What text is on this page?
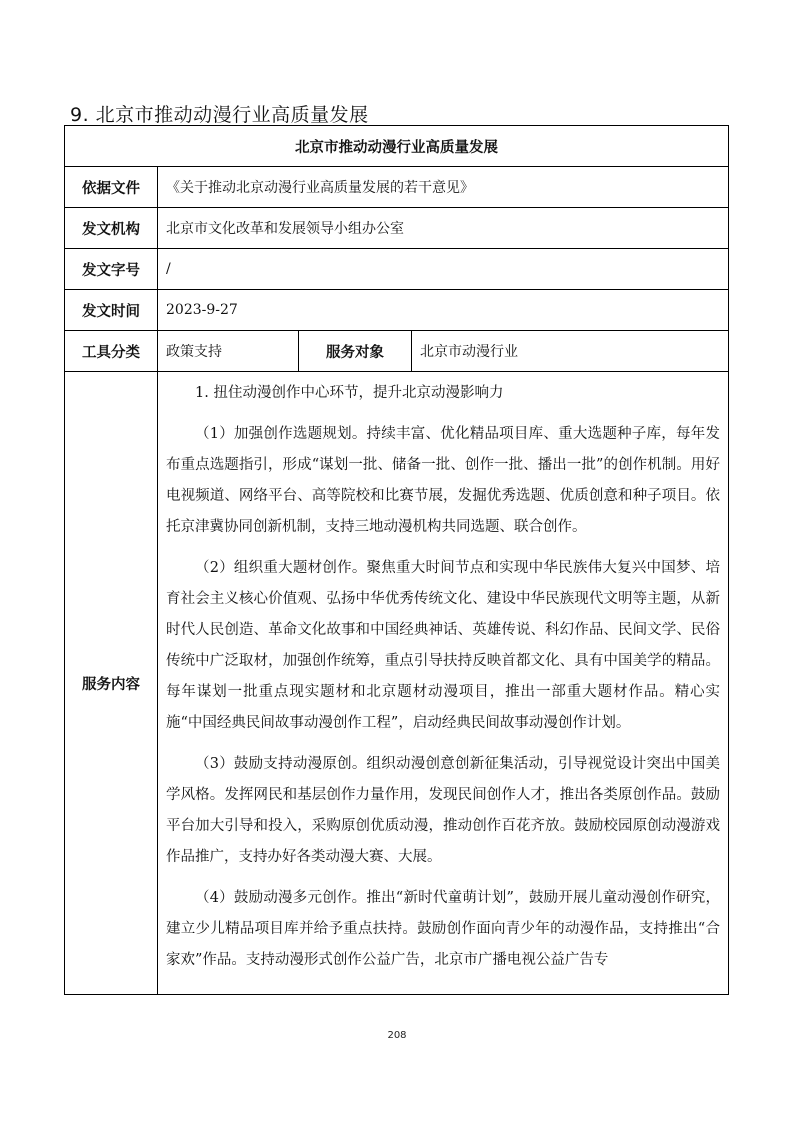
9. 北京市推动动漫行业高质量发展
北京市推动动漫行业高质量发展			
依据文件	《关于推动北京动漫行业高质量发展的若干意见》		
发文机构	北京市文化改革和发展领导小组办公室		
发文字号	/		
发文时间	2023-9-27		
工具分类	政策支持	服务对象	北京市动漫行业
服务内容	1. 扭住动漫创作中心环节，提升北京动漫影响力

（1）加强创作选题规划。持续丰富、优化精品项目库、重大选题种子库，每年发布重点选题指引，形成“谋划一批、储备一批、创作一批、播出一批”的创作机制。用好电视频道、网络平台、高等院校和比赛节展，发掘优秀选题、优质创意和种子项目。依托京津冀协同创新机制，支持三地动漫机构共同选题、联合创作。

（2）组织重大题材创作。聚焦重大时间节点和实现中华民族伟大复兴中国梦、培育社会主义核心价值观、弘扬中华优秀传统文化、建设中华民族现代文明等主题，从新时代人民创造、革命文化故事和中国经典神话、英雄传说、科幻作品、民间文学、民俗传统中广泛取材，加强创作统筹，重点引导扶持反映首都文化、具有中国美学的精品。每年谋划一批重点现实题材和北京题材动漫项目，推出一部重大题材作品。精心实施“中国经典民间故事动漫创作工程”，启动经典民间故事动漫创作计划。

（3）鼓励支持动漫原创。组织动漫创意创新征集活动，引导视觉设计突出中国美学风格。发挥网民和基层创作力量作用，发现民间创作人才，推出各类原创作品。鼓励平台加大引导和投入，采购原创优质动漫，推动创作百花齐放。鼓励校园原创动漫游戏作品推广，支持办好各类动漫大赛、大展。

（4）鼓励动漫多元创作。推出“新时代童萌计划”，鼓励开展儿童动漫创作研究，建立少儿精品项目库并给予重点扶持。鼓励创作面向青少年的动漫作品，支持推出“合家欢”作品。支持动漫形式创作公益广告，北京市广播电视公益广告专		

208
